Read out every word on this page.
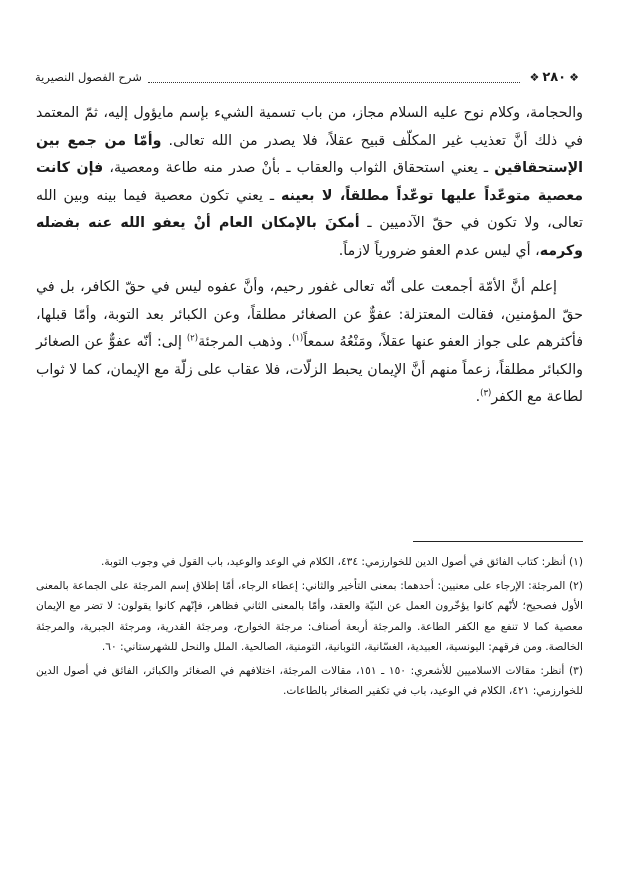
❖٢٨٠❖
شرح الفصول النصيرية

والحجامة، وكلام نوح عليه السلام مجاز، من باب تسمية الشيء بإسم مايؤول إليه، ثمّ المعتمد في ذلك أنَّ تعذيب غير المكلّف قبيح عقلاً، فلا يصدر من الله تعالى. وأمّا من جمع بين الإستحقاقين ـ يعني استحقاق الثواب والعقاب ـ بأنْ صدر منه طاعة ومعصية، فإن كانت معصية متوعّداً عليها توعّداً مطلقاً، لا بعينه ـ يعني تكون معصية فيما بينه وبين الله تعالى، ولا تكون في حقّ الآدميين ـ أمكنَ بالإمكان العام أنْ يعفو الله عنه بفضله وكرمه، أي ليس عدم العفو ضرورياً لازماً.

إعلم أنَّ الأمّة أجمعت على أنّه تعالى غفور رحيم، وأنَّ عفوه ليس في حقّ الكافر، بل في حقّ المؤمنين، فقالت المعتزلة: عفوٌّ عن الصغائر مطلقاً، وعن الكبائر بعد التوبة، وأمّا قبلها، فأكثرهم على جواز العفو عنها عقلاً، ومَنْعُهُ سمعاً$^{(١)}$. وذهب المرجئة$^{(٢)}$ إلى: أنّه عفوٌّ عن الصغائر والكبائر مطلقاً، زعماً منهم أنَّ الإيمان يحبط الزلّات، فلا عقاب على زلّة مع الإيمان، كما لا ثواب لطاعة مع الكفر$^{(٣)}$.

(١) أنظر: كتاب الفائق في أصول الدين للخوارزمي: ٤٣٤، الكلام في الوعد والوعيد، باب القول في وجوب التوبة.

(٢) المرجئة: الإرجاء على معنيين: أحدهما: بمعنى التأخير والثاني: إعطاء الرجاء، أمّا إطلاق إسم المرجئة على الجماعة بالمعنى الأول فصحيح؛ لأنّهم كانوا يؤخّرون العمل عن النيّة والعقد، وأمّا بالمعنى الثاني فظاهر، فإنّهم كانوا يقولون: لا تضر مع الإيمان معصية كما لا تنفع مع الكفر الطاعة. والمرجئة أربعة أصناف: مرجئة الخوارج، ومرجئة القدرية، ومرجئة الجبرية، والمرجئة الخالصة. ومن فرقهم: اليونسية، العبيدية، الغسّانية، الثوبانية، التومنية، الصالحية. الملل والنحل للشهرستاني: ٦٠.

(٣) أنظر: مقالات الاسلاميين للأشعري: ١٥٠ ـ ١٥١، مقالات المرجئة، اختلافهم في الصغائر والكبائر، الفائق في أصول الدين للخوارزمي: ٤٢١، الكلام في الوعيد، باب في تكفير الصغائر بالطاعات.
